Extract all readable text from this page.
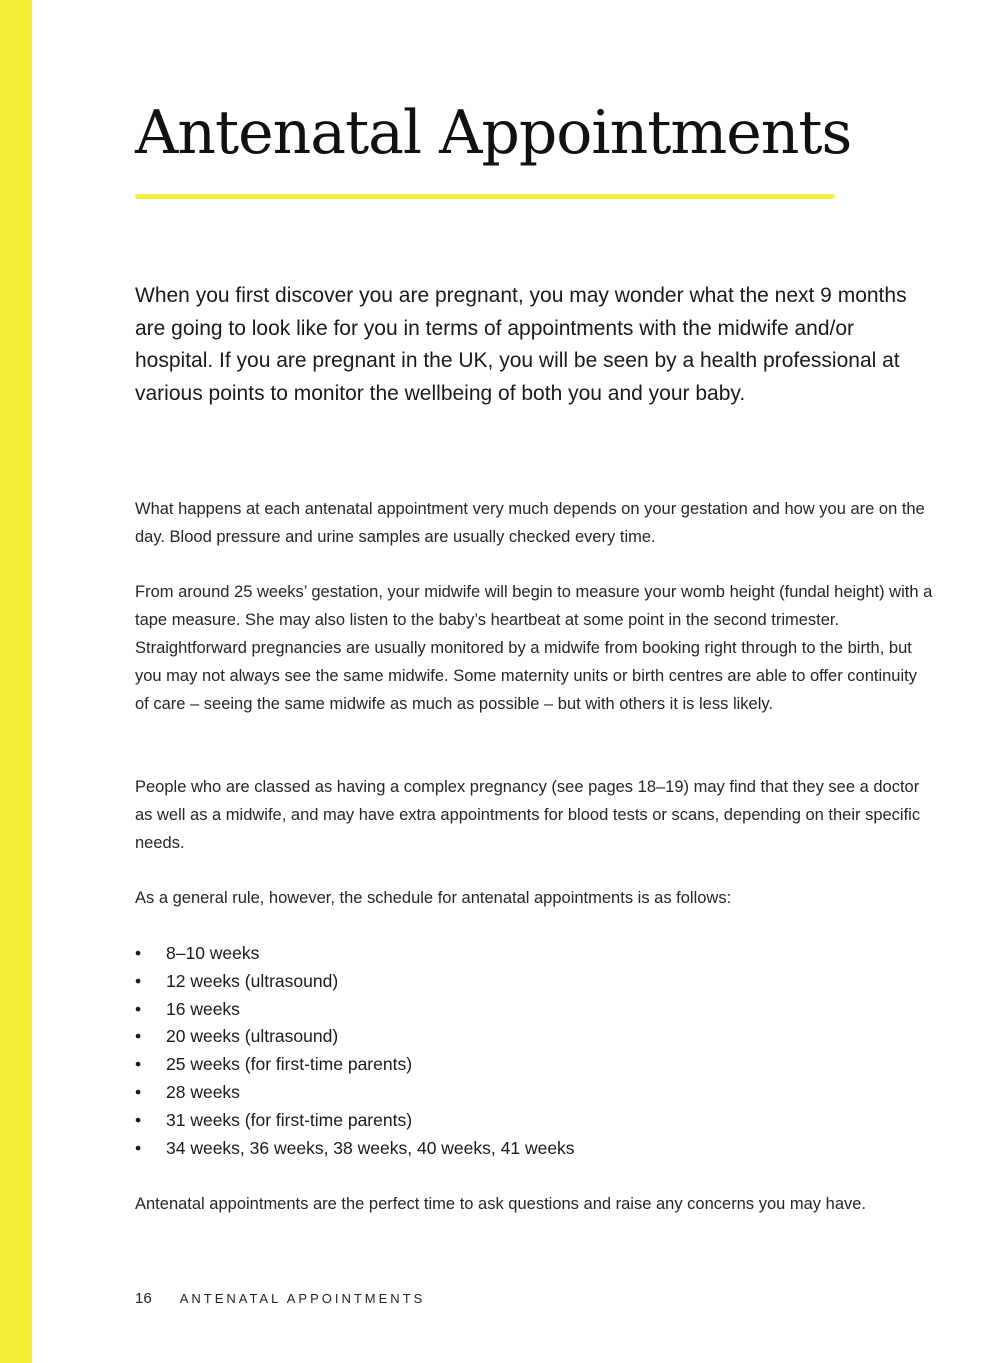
Antenatal Appointments

When you first discover you are pregnant, you may wonder what the next 9 months are going to look like for you in terms of appointments with the midwife and/or hospital. If you are pregnant in the UK, you will be seen by a health professional at various points to monitor the wellbeing of both you and your baby.

What happens at each antenatal appointment very much depends on your gestation and how you are on the day. Blood pressure and urine samples are usually checked every time.

From around 25 weeks’ gestation, your midwife will begin to measure your womb height (fundal height) with a tape measure. She may also listen to the baby’s heartbeat at some point in the second trimester. Straightforward pregnancies are usually monitored by a midwife from booking right through to the birth, but you may not always see the same midwife. Some maternity units or birth centres are able to offer continuity of care – seeing the same midwife as much as possible – but with others it is less likely.

People who are classed as having a complex pregnancy (see pages 18–19) may find that they see a doctor as well as a midwife, and may have extra appointments for blood tests or scans, depending on their specific needs.

As a general rule, however, the schedule for antenatal appointments is as follows:

• 8–10 weeks
• 12 weeks (ultrasound)
• 16 weeks
• 20 weeks (ultrasound)
• 25 weeks (for first-time parents)
• 28 weeks
• 31 weeks (for first-time parents)
• 34 weeks, 36 weeks, 38 weeks, 40 weeks, 41 weeks

Antenatal appointments are the perfect time to ask questions and raise any concerns you may have.

16 ANTENATAL APPOINTMENTS
